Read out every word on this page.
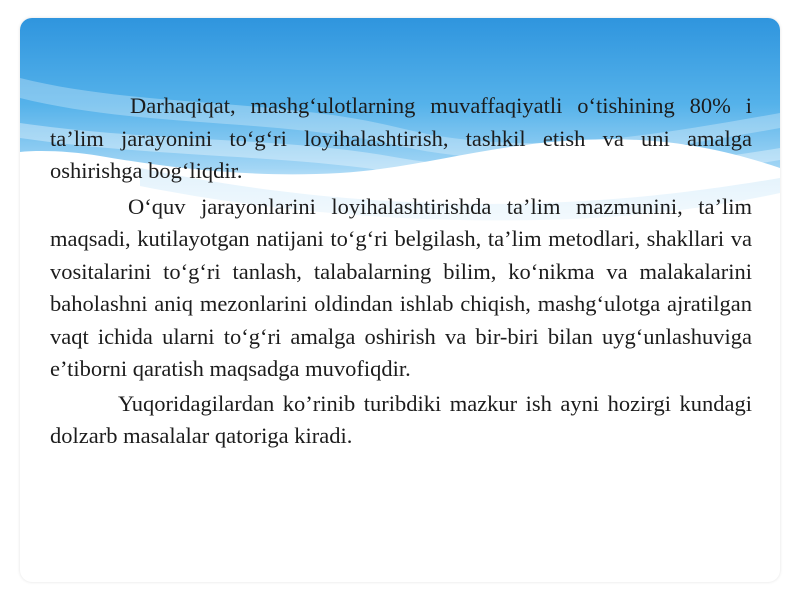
Darhaqiqat, mashg‘ulotlarning muvaffaqiyatli o‘tishining 80% i ta’lim jarayonini to‘g‘ri loyihalashtirish, tashkil etish va uni amalga oshirishga bog‘liqdir.

O‘quv jarayonlarini loyihalashtirishda ta’lim mazmunini, ta’lim maqsadi, kutilayotgan natijani to‘g‘ri belgilash, ta’lim metodlari, shakllari va vositalarini to‘g‘ri tanlash, talabalarning bilim, ko‘nikma va malakalarini baholashni aniq mezonlarini oldindan ishlab chiqish, mashg‘ulotga ajratilgan vaqt ichida ularni to‘g‘ri amalga oshirish va bir-biri bilan uyg‘unlashuviga e’tiborni qaratish maqsadga muvofiqdir.

Yuqoridagilardan ko’rinib turibdiki mazkur ish ayni hozirgi kundagi dolzarb masalalar qatoriga kiradi.
